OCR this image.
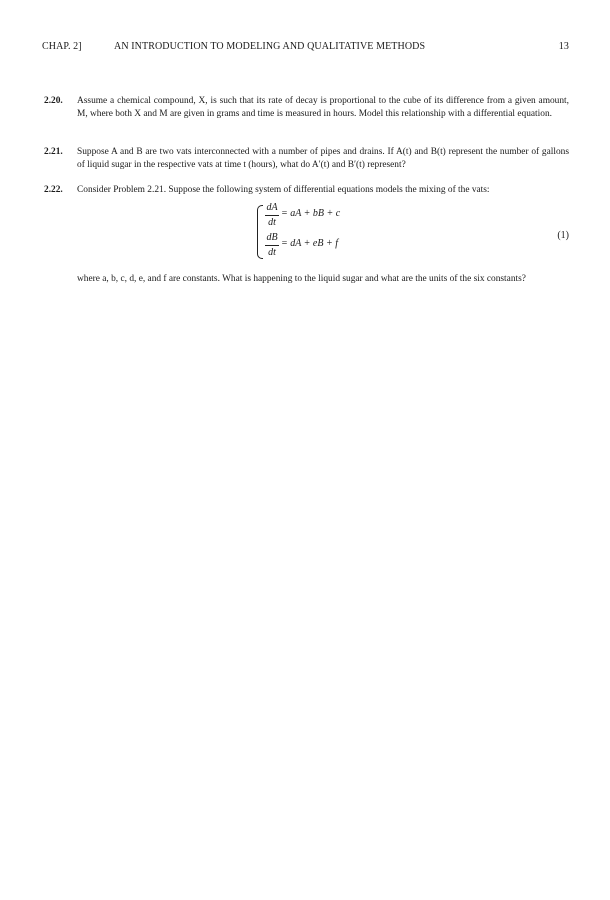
CHAP. 2]	AN INTRODUCTION TO MODELING AND QUALITATIVE METHODS	13
2.20. Assume a chemical compound, X, is such that its rate of decay is proportional to the cube of its difference from a given amount, M, where both X and M are given in grams and time is measured in hours. Model this relationship with a differential equation.
2.21. Suppose A and B are two vats interconnected with a number of pipes and drains. If A(t) and B(t) represent the number of gallons of liquid sugar in the respective vats at time t (hours), what do A′(t) and B′(t) represent?
2.22. Consider Problem 2.21. Suppose the following system of differential equations models the mixing of the vats:
dA
dt
= aA + bB + c
dB
dt
= dA + eB + f
(1)
where a, b, c, d, e, and f are constants. What is happening to the liquid sugar and what are the units of the six constants?
